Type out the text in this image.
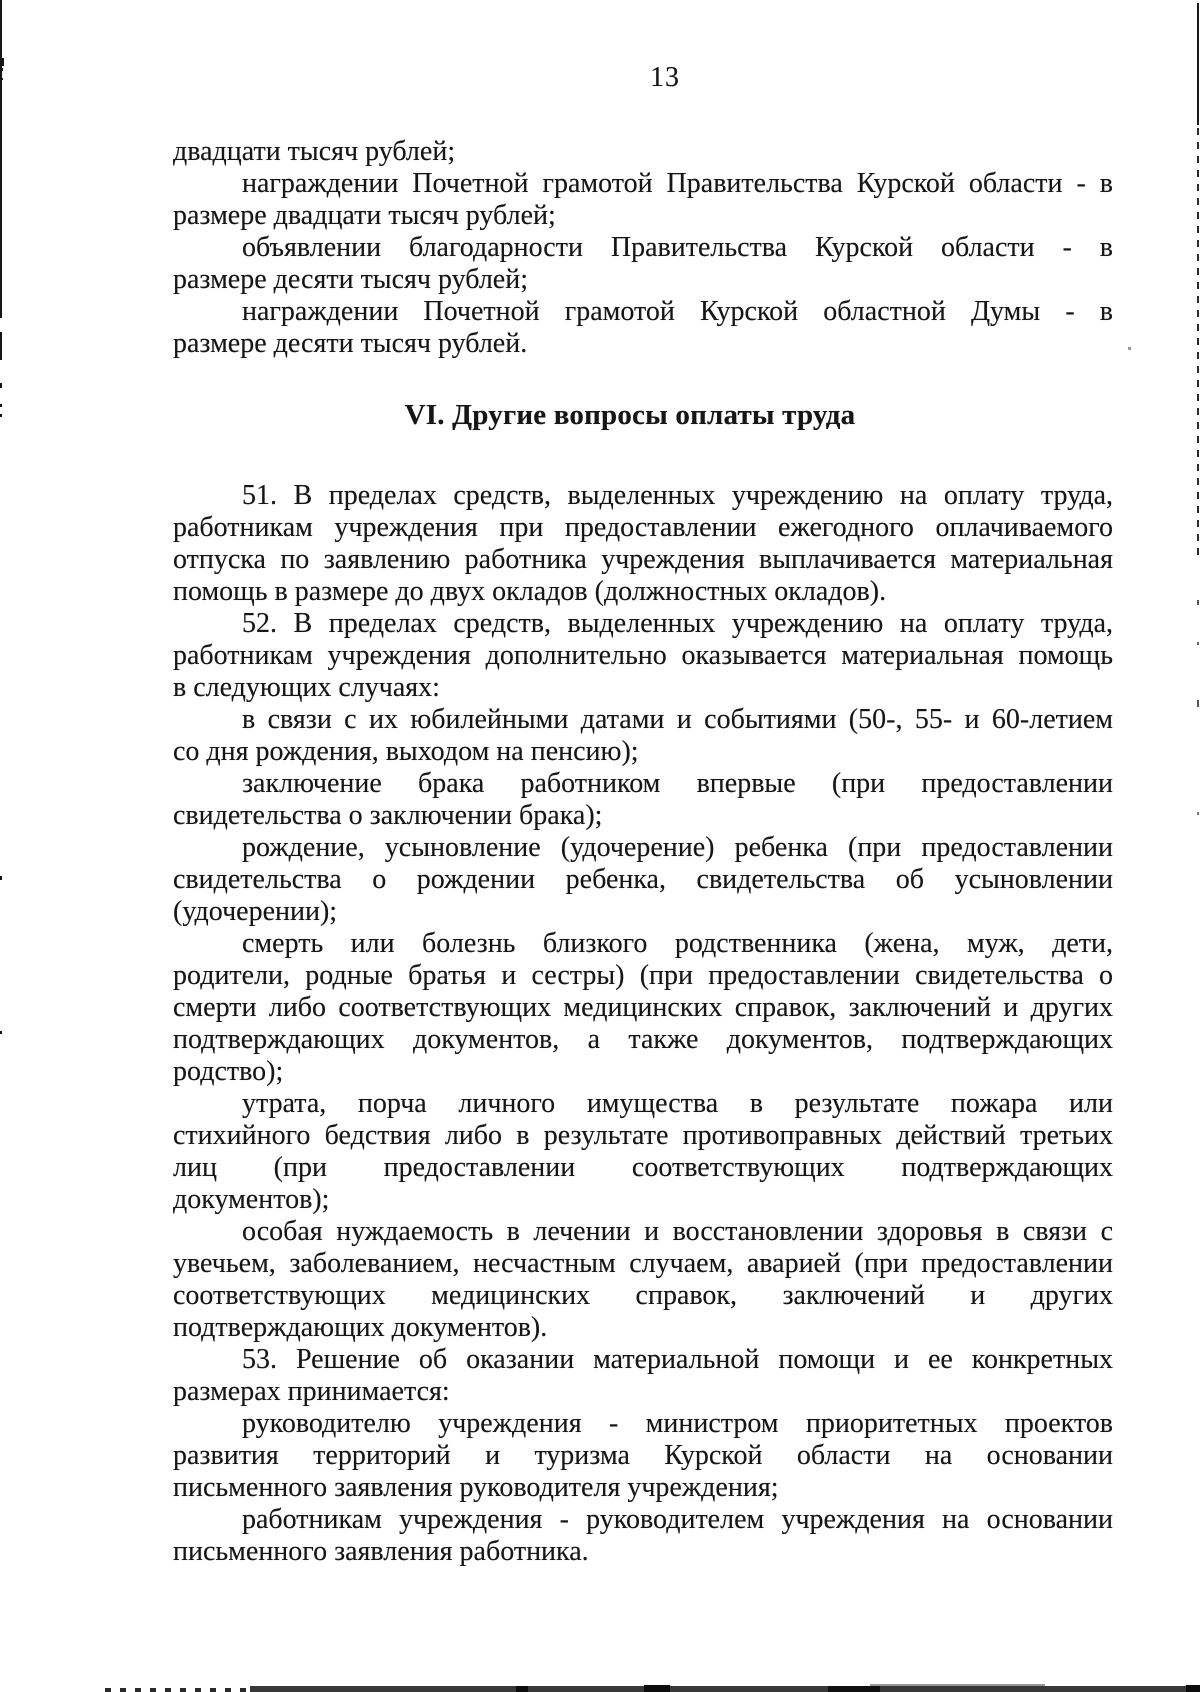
13
двадцати тысяч рублей;
награждении Почетной грамотой Правительства Курской области - в
размере двадцати тысяч рублей;
объявлении благодарности Правительства Курской области - в
размере десяти тысяч рублей;
награждении Почетной грамотой Курской областной Думы - в
размере десяти тысяч рублей.
VI. Другие вопросы оплаты труда
51. В пределах средств, выделенных учреждению на оплату труда,
работникам учреждения при предоставлении ежегодного оплачиваемого
отпуска по заявлению работника учреждения выплачивается материальная
помощь в размере до двух окладов (должностных окладов).
52. В пределах средств, выделенных учреждению на оплату труда,
работникам учреждения дополнительно оказывается материальная помощь
в следующих случаях:
в связи с их юбилейными датами и событиями (50-, 55- и 60-летием
со дня рождения, выходом на пенсию);
заключение брака работником впервые (при предоставлении
свидетельства о заключении брака);
рождение, усыновление (удочерение) ребенка (при предоставлении
свидетельства о рождении ребенка, свидетельства об усыновлении
(удочерении);
смерть или болезнь близкого родственника (жена, муж, дети,
родители, родные братья и сестры) (при предоставлении свидетельства о
смерти либо соответствующих медицинских справок, заключений и других
подтверждающих документов, а также документов, подтверждающих
родство);
утрата, порча личного имущества в результате пожара или
стихийного бедствия либо в результате противоправных действий третьих
лиц (при предоставлении соответствующих подтверждающих
документов);
особая нуждаемость в лечении и восстановлении здоровья в связи с
увечьем, заболеванием, несчастным случаем, аварией (при предоставлении
соответствующих медицинских справок, заключений и других
подтверждающих документов).
53. Решение об оказании материальной помощи и ее конкретных
размерах принимается:
руководителю учреждения - министром приоритетных проектов
развития территорий и туризма Курской области на основании
письменного заявления руководителя учреждения;
работникам учреждения - руководителем учреждения на основании
письменного заявления работника.
